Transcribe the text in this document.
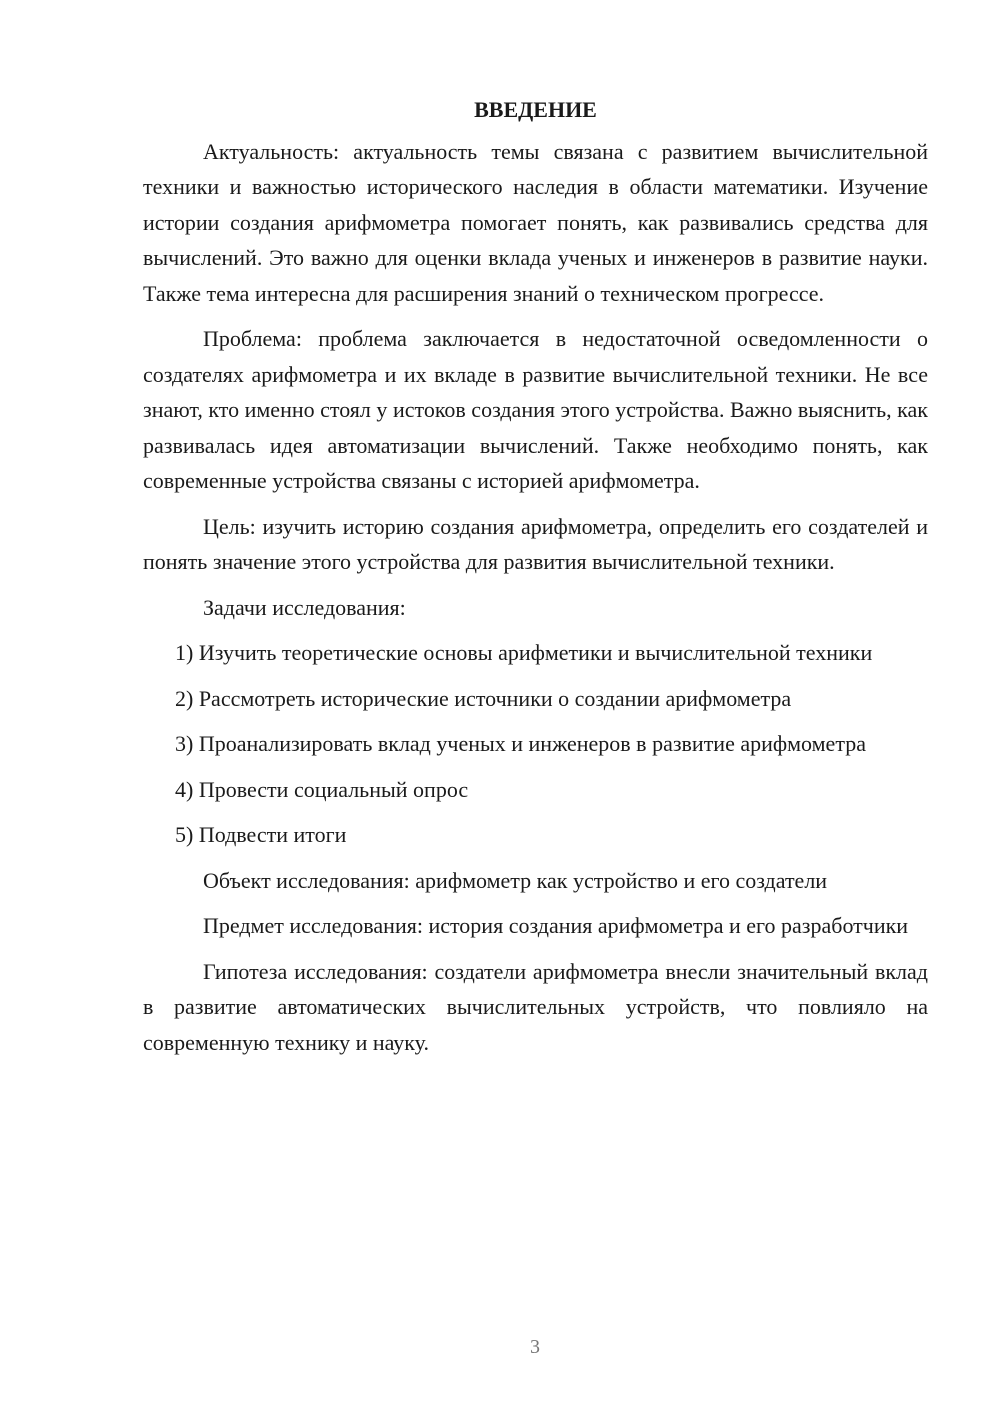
ВВЕДЕНИЕ

Актуальность: актуальность темы связана с развитием вычислительной техники и важностью исторического наследия в области математики. Изучение истории создания арифмометра помогает понять, как развивались средства для вычислений. Это важно для оценки вклада ученых и инженеров в развитие науки. Также тема интересна для расширения знаний о техническом прогрессе.

Проблема: проблема заключается в недостаточной осведомленности о создателях арифмометра и их вкладе в развитие вычислительной техники. Не все знают, кто именно стоял у истоков создания этого устройства. Важно выяснить, как развивалась идея автоматизации вычислений. Также необходимо понять, как современные устройства связаны с историей арифмометра.

Цель: изучить историю создания арифмометра, определить его создателей и понять значение этого устройства для развития вычислительной техники.

Задачи исследования:

1) Изучить теоретические основы арифметики и вычислительной техники

2) Рассмотреть исторические источники о создании арифмометра

3) Проанализировать вклад ученых и инженеров в развитие арифмометра

4) Провести социальный опрос

5) Подвести итоги

Объект исследования: арифмометр как устройство и его создатели

Предмет исследования: история создания арифмометра и его разработчики

Гипотеза исследования: создатели арифмометра внесли значительный вклад в развитие автоматических вычислительных устройств, что повлияло на современную технику и науку.

3
